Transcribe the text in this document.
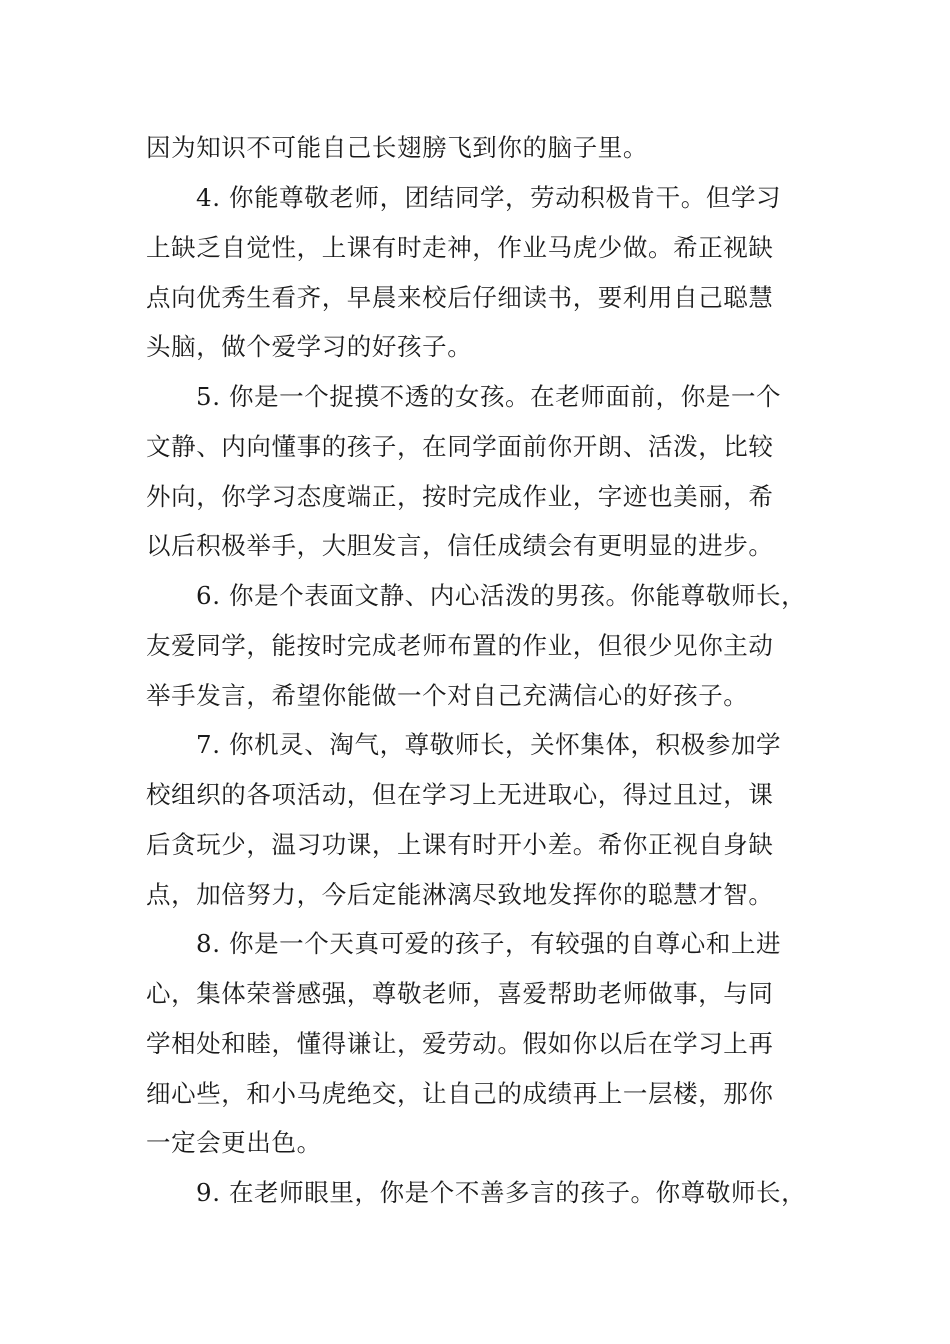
因为知识不可能自己长翅膀飞到你的脑子里。
4. 你能尊敬老师，团结同学，劳动积极肯干。但学习
上缺乏自觉性，上课有时走神，作业马虎少做。希正视缺
点向优秀生看齐，早晨来校后仔细读书，要利用自己聪慧
头脑，做个爱学习的好孩子。
5. 你是一个捉摸不透的女孩。在老师面前，你是一个
文静、内向懂事的孩子，在同学面前你开朗、活泼，比较
外向，你学习态度端正，按时完成作业，字迹也美丽，希
以后积极举手，大胆发言，信任成绩会有更明显的进步。
6. 你是个表面文静、内心活泼的男孩。你能尊敬师长，
友爱同学，能按时完成老师布置的作业，但很少见你主动
举手发言，希望你能做一个对自己充满信心的好孩子。
7. 你机灵、淘气，尊敬师长，关怀集体，积极参加学
校组织的各项活动，但在学习上无进取心，得过且过，课
后贪玩少，温习功课，上课有时开小差。希你正视自身缺
点，加倍努力，今后定能淋漓尽致地发挥你的聪慧才智。
8. 你是一个天真可爱的孩子，有较强的自尊心和上进
心，集体荣誉感强，尊敬老师，喜爱帮助老师做事，与同
学相处和睦，懂得谦让，爱劳动。假如你以后在学习上再
细心些，和小马虎绝交，让自己的成绩再上一层楼，那你
一定会更出色。
9. 在老师眼里，你是个不善多言的孩子。你尊敬师长，
